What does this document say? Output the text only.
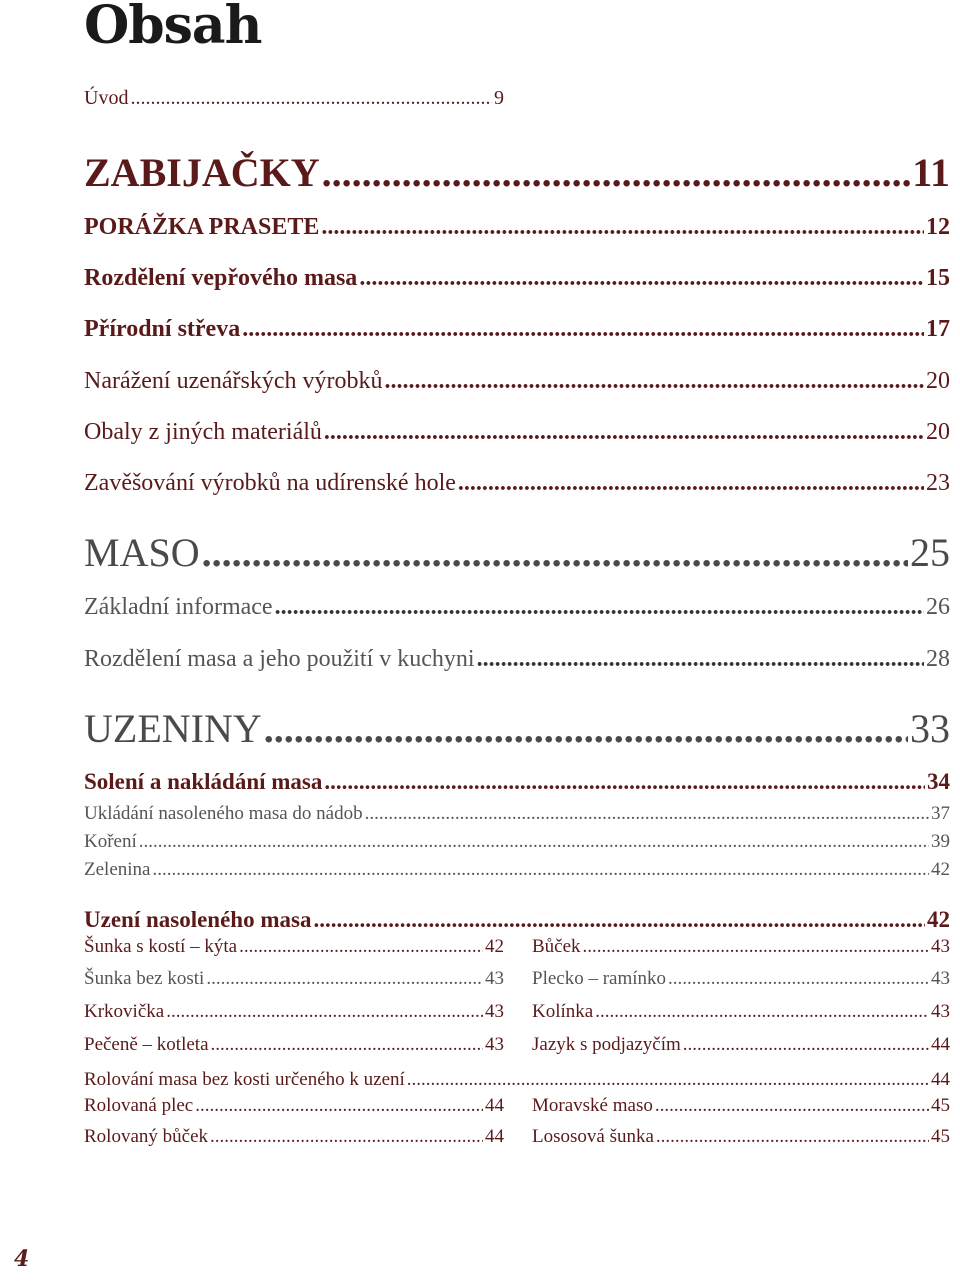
Obsah
Úvod .....	9
ZABIJAČKY .....	11
PORÁŽKA PRASETE .....	12
Rozdělení vepřového masa .....	15
Přírodní střeva .....	17
Narážení uzenářských výrobků .....	20
Obaly z jiných materiálů .....	20
Zavěšování výrobků na udírenské hole .....	23
MASO .....	25
Základní informace .....	26
Rozdělení masa a jeho použití v kuchyni .....	28
UZENINY .....	33
Solení a nakládání masa .....	34
Ukládání nasoleného masa do nádob .....	37
Koření .....	39
Zelenina .....	42
Uzení nasoleného masa .....	42
Šunka s kostí – kýta .....	42 Bůček .....	43
Šunka bez kosti .....	43 Plecko – ramínko .....	43
Krkovička .....	43 Kolínka .....	43
Pečeně – kotleta .....	43 Jazyk s podjazyčím .....	44
Rolování masa bez kosti určeného k uzení .....	44
Rolovaná plec .....	44 Moravské maso .....	45
Rolovaný bůček .....	44 Lososová šunka .....	45
4
